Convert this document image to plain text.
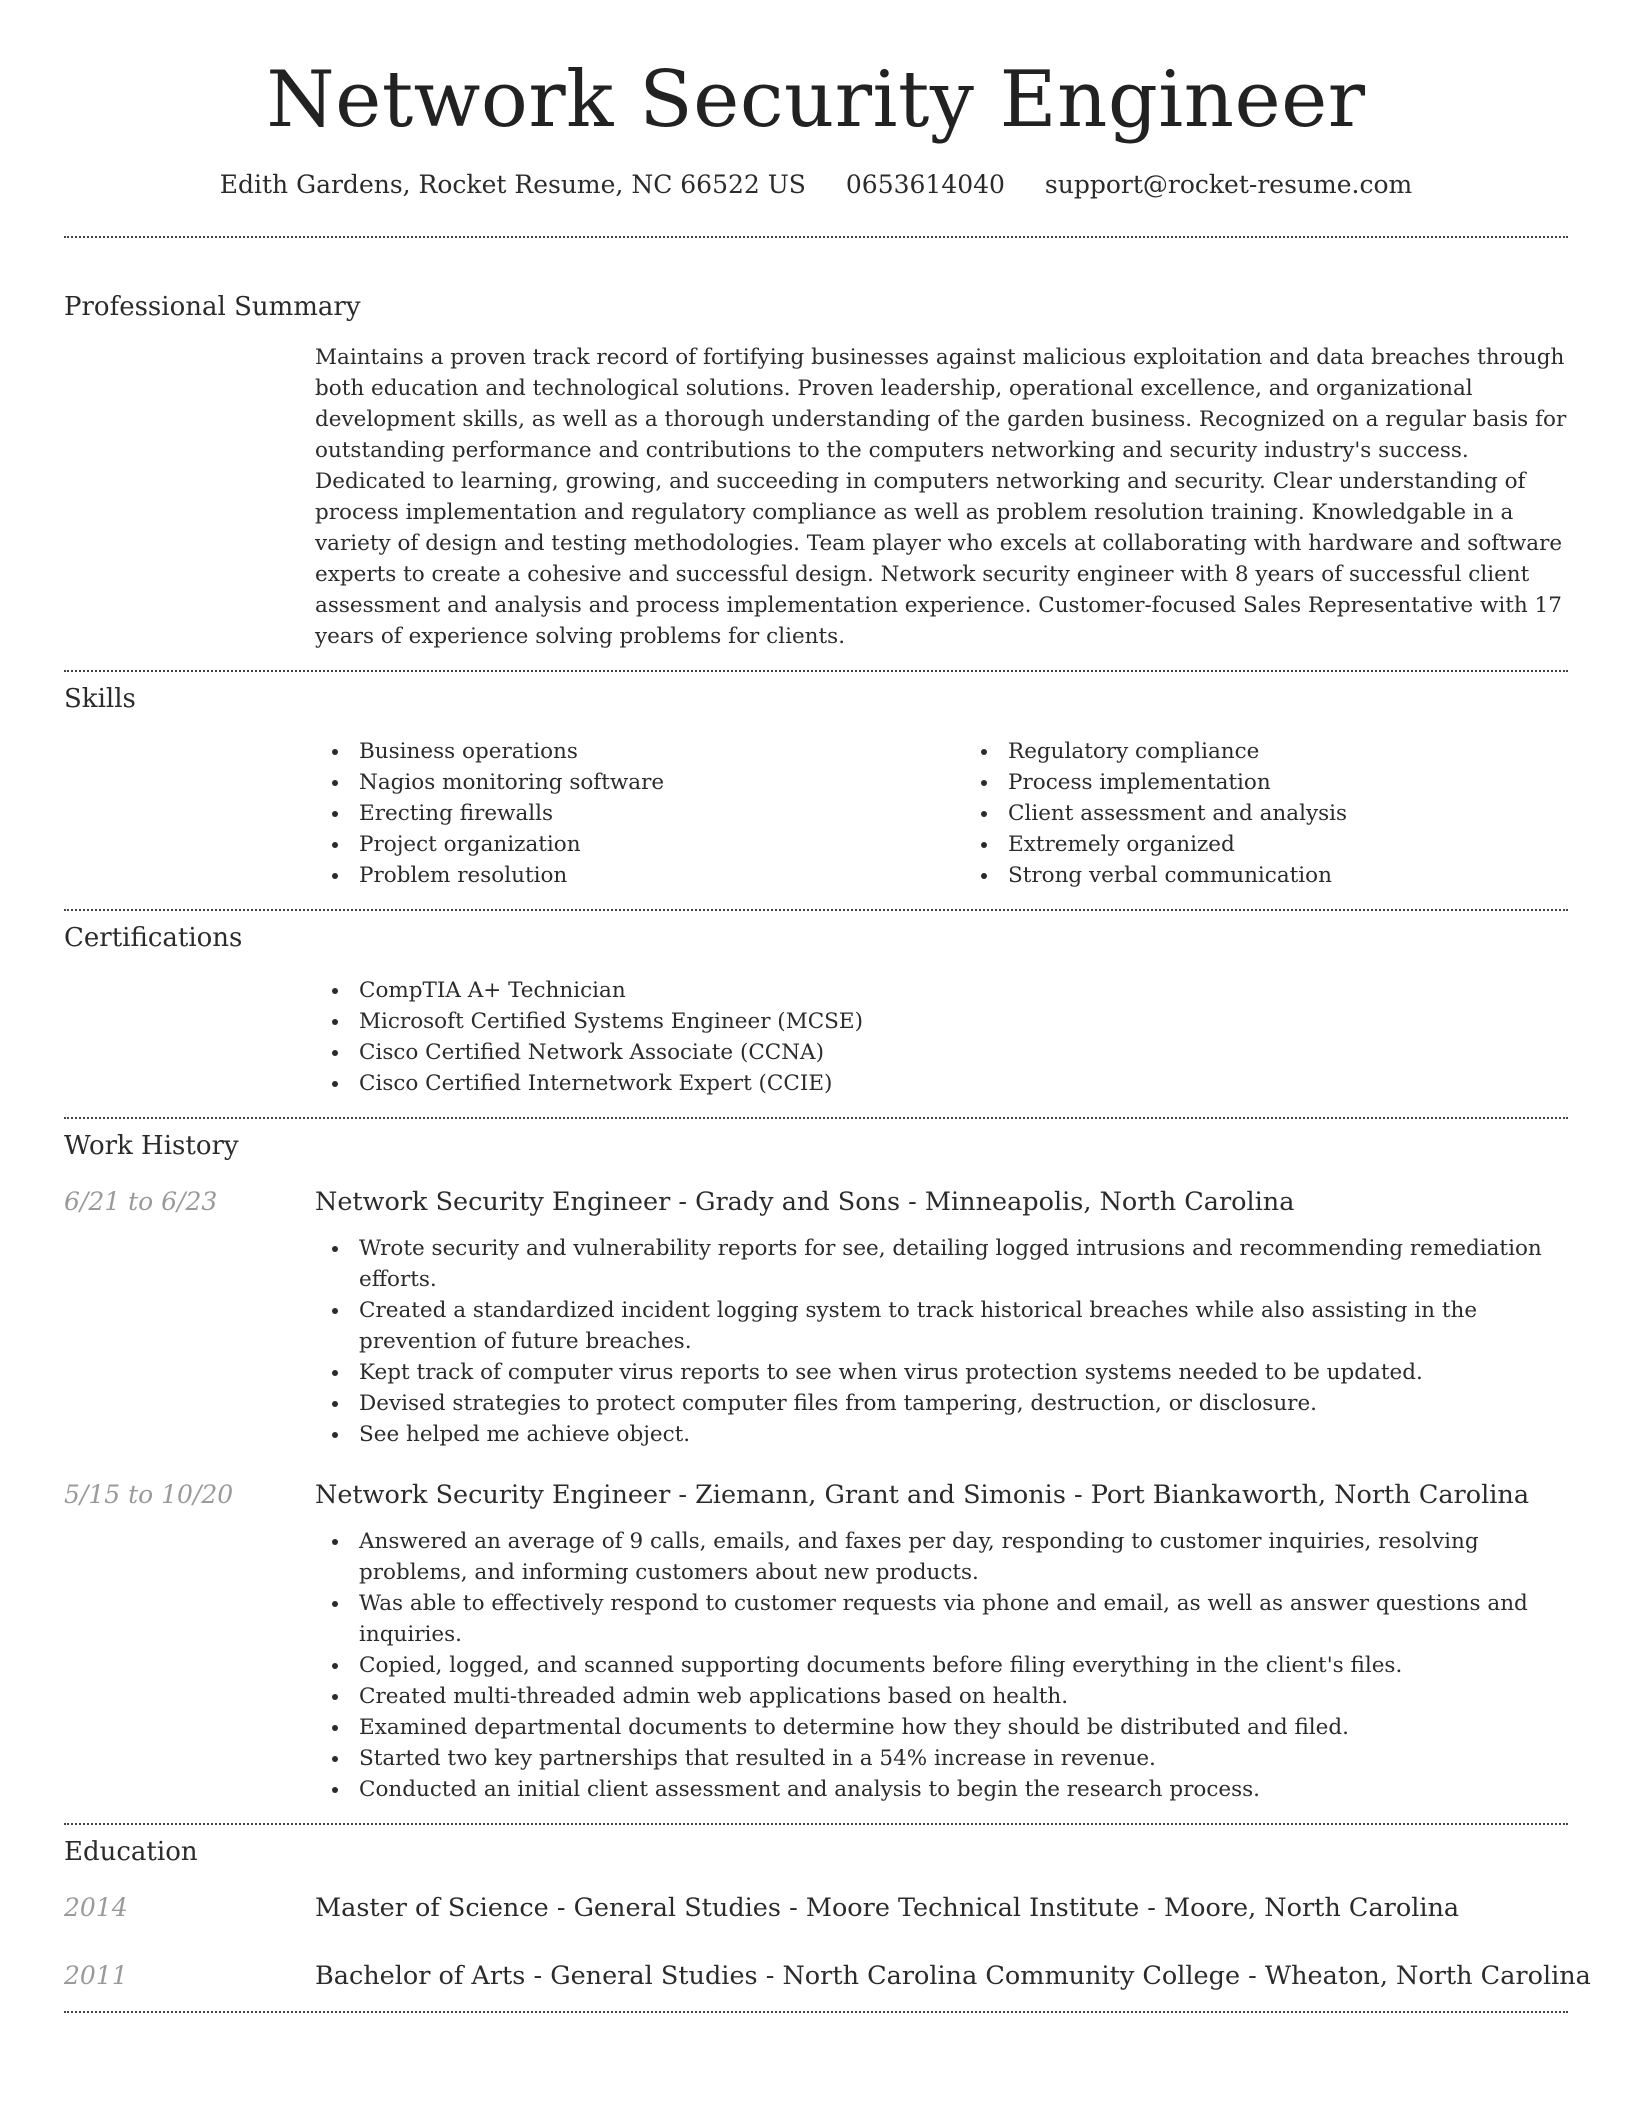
Network Security Engineer
Edith Gardens, Rocket Resume, NC 66522 US 0653614040 support@rocket-resume.com
Professional Summary
Maintains a proven track record of fortifying businesses against malicious exploitation and data breaches through both education and technological solutions. Proven leadership, operational excellence, and organizational development skills, as well as a thorough understanding of the garden business. Recognized on a regular basis for outstanding performance and contributions to the computers networking and security industry's success. Dedicated to learning, growing, and succeeding in computers networking and security. Clear understanding of process implementation and regulatory compliance as well as problem resolution training. Knowledgable in a variety of design and testing methodologies. Team player who excels at collaborating with hardware and software experts to create a cohesive and successful design. Network security engineer with 8 years of successful client assessment and analysis and process implementation experience. Customer-focused Sales Representative with 17 years of experience solving problems for clients.
Skills
Business operations
Nagios monitoring software
Erecting firewalls
Project organization
Problem resolution
Regulatory compliance
Process implementation
Client assessment and analysis
Extremely organized
Strong verbal communication
Certifications
CompTIA A+ Technician
Microsoft Certified Systems Engineer (MCSE)
Cisco Certified Network Associate (CCNA)
Cisco Certified Internetwork Expert (CCIE)
Work History
6/21 to 6/23	Network Security Engineer - Grady and Sons - Minneapolis, North Carolina
Wrote security and vulnerability reports for see, detailing logged intrusions and recommending remediation efforts.
Created a standardized incident logging system to track historical breaches while also assisting in the prevention of future breaches.
Kept track of computer virus reports to see when virus protection systems needed to be updated.
Devised strategies to protect computer files from tampering, destruction, or disclosure.
See helped me achieve object.
5/15 to 10/20	Network Security Engineer - Ziemann, Grant and Simonis - Port Biankaworth, North Carolina
Answered an average of 9 calls, emails, and faxes per day, responding to customer inquiries, resolving problems, and informing customers about new products.
Was able to effectively respond to customer requests via phone and email, as well as answer questions and inquiries.
Copied, logged, and scanned supporting documents before filing everything in the client's files.
Created multi-threaded admin web applications based on health.
Examined departmental documents to determine how they should be distributed and filed.
Started two key partnerships that resulted in a 54% increase in revenue.
Conducted an initial client assessment and analysis to begin the research process.
Education
2014	Master of Science - General Studies - Moore Technical Institute - Moore, North Carolina
2011	Bachelor of Arts - General Studies - North Carolina Community College - Wheaton, North Carolina
